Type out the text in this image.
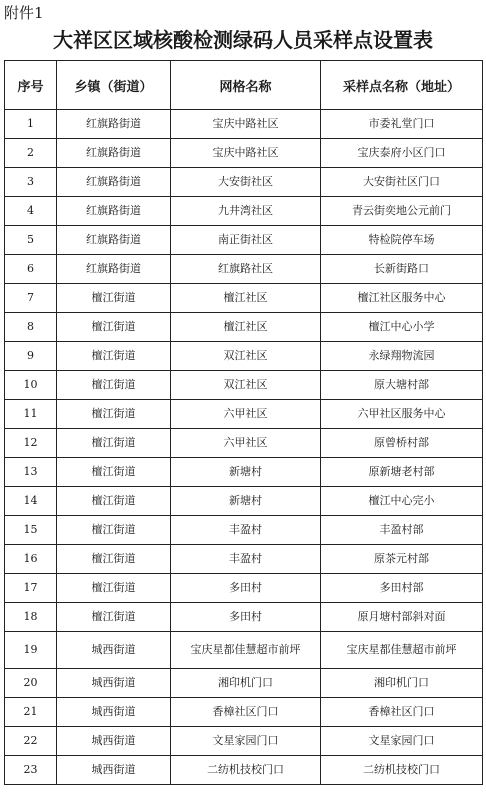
附件1
大祥区区域核酸检测绿码人员采样点设置表
序号	乡镇（街道）	网格名称	采样点名称（地址）
1	红旗路街道	宝庆中路社区	市委礼堂门口
2	红旗路街道	宝庆中路社区	宝庆泰府小区门口
3	红旗路街道	大安街社区	大安街社区门口
4	红旗路街道	九井湾社区	青云街奕地公元前门
5	红旗路街道	南正街社区	特检院停车场
6	红旗路街道	红旗路社区	长新街路口
7	檀江街道	檀江社区	檀江社区服务中心
8	檀江街道	檀江社区	檀江中心小学
9	檀江街道	双江社区	永绿翔物流园
10	檀江街道	双江社区	原大塘村部
11	檀江街道	六甲社区	六甲社区服务中心
12	檀江街道	六甲社区	原曾桥村部
13	檀江街道	新塘村	原新塘老村部
14	檀江街道	新塘村	檀江中心完小
15	檀江街道	丰盈村	丰盈村部
16	檀江街道	丰盈村	原茶元村部
17	檀江街道	多田村	多田村部
18	檀江街道	多田村	原月塘村部斜对面
19	城西街道	宝庆星都佳慧超市前坪	宝庆星都佳慧超市前坪
20	城西街道	湘印机门口	湘印机门口
21	城西街道	香樟社区门口	香樟社区门口
22	城西街道	文星家园门口	文星家园门口
23	城西街道	二纺机技校门口	二纺机技校门口
